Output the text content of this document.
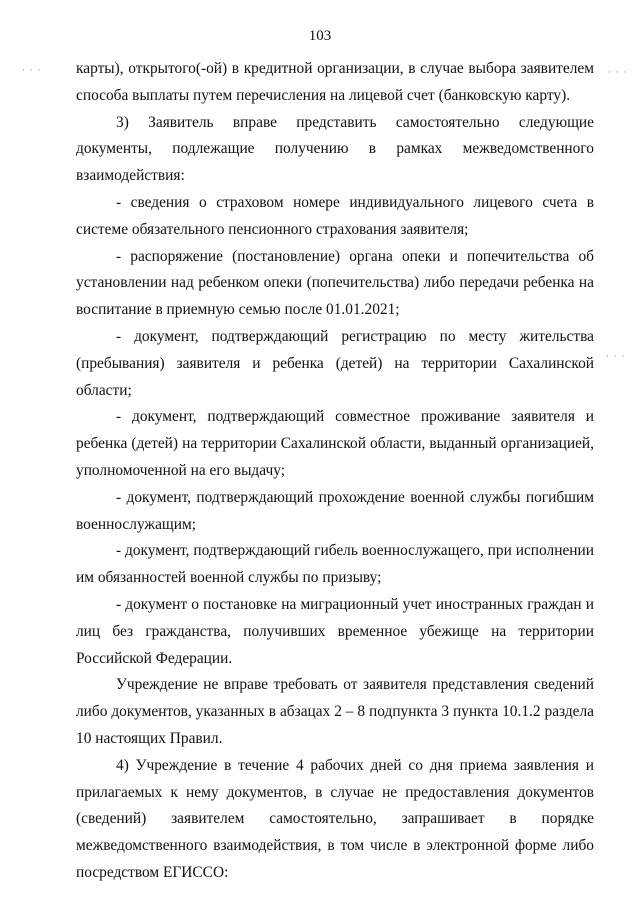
103
· · ·	· · ·
· · ·

карты), открытого(-ой) в кредитной организации, в случае выбора заявителем способа выплаты путем перечисления на лицевой счет (банковскую карту).

3) Заявитель вправе представить самостоятельно следующие документы, подлежащие получению в рамках межведомственного взаимодействия:

- сведения о страховом номере индивидуального лицевого счета в системе обязательного пенсионного страхования заявителя;

- распоряжение (постановление) органа опеки и попечительства об установлении над ребенком опеки (попечительства) либо передачи ребенка на воспитание в приемную семью после 01.01.2021;

- документ, подтверждающий регистрацию по месту жительства (пребывания) заявителя и ребенка (детей) на территории Сахалинской области;

- документ, подтверждающий совместное проживание заявителя и ребенка (детей) на территории Сахалинской области, выданный организацией, уполномоченной на его выдачу;

- документ, подтверждающий прохождение военной службы погибшим военнослужащим;

- документ, подтверждающий гибель военнослужащего, при исполнении им обязанностей военной службы по призыву;

- документ о постановке на миграционный учет иностранных граждан и лиц без гражданства, получивших временное убежище на территории Российской Федерации.

Учреждение не вправе требовать от заявителя представления сведений либо документов, указанных в абзацах 2 – 8 подпункта 3 пункта 10.1.2 раздела 10 настоящих Правил.

4) Учреждение в течение 4 рабочих дней со дня приема заявления и прилагаемых к нему документов, в случае не предоставления документов (сведений) заявителем самостоятельно, запрашивает в порядке межведомственного взаимодействия, в том числе в электронной форме либо посредством ЕГИССО:
